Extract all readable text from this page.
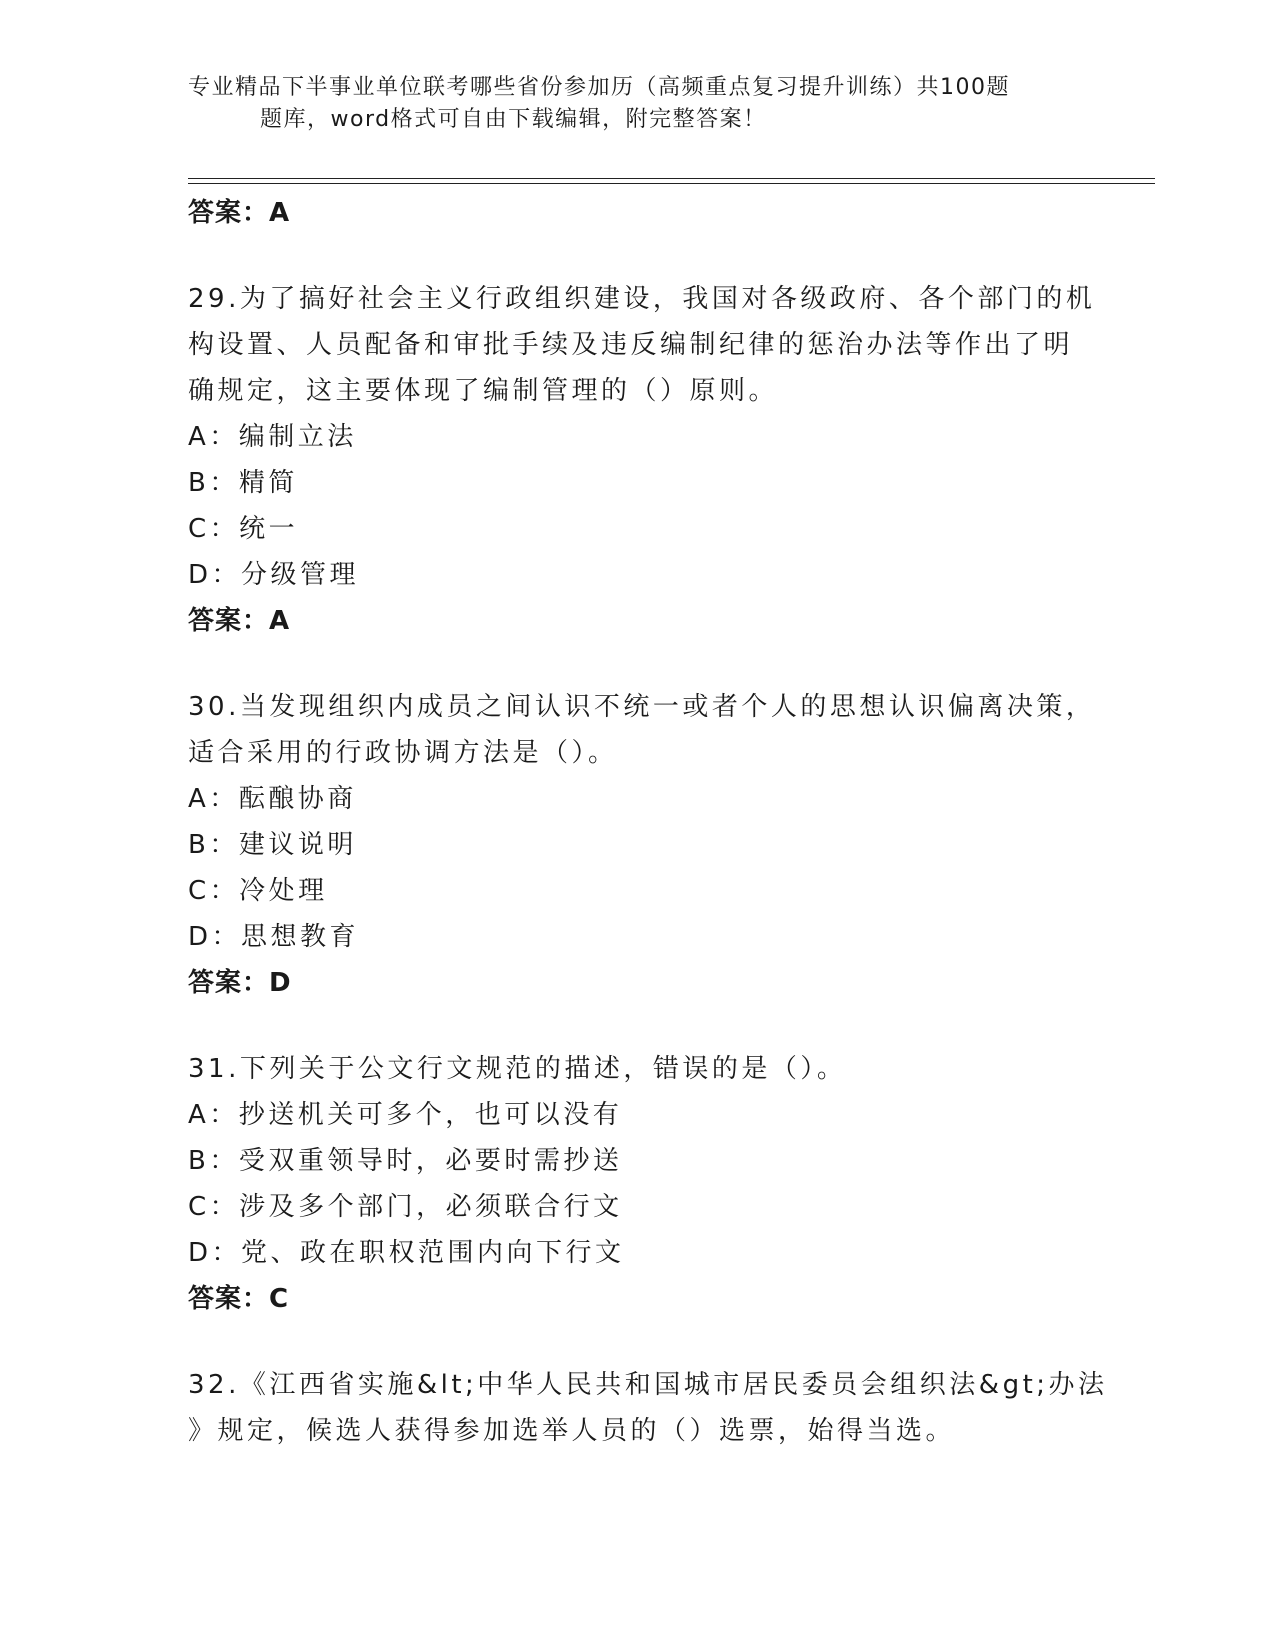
专业精品下半事业单位联考哪些省份参加历（高频重点复习提升训练）共100题
题库，word格式可自由下载编辑，附完整答案！
答案：A
29.为了搞好社会主义行政组织建设，我国对各级政府、各个部门的机
构设置、人员配备和审批手续及违反编制纪律的惩治办法等作出了明
确规定，这主要体现了编制管理的（）原则。
A：编制立法
B：精简
C：统一
D：分级管理
答案：A
30.当发现组织内成员之间认识不统一或者个人的思想认识偏离决策，
适合采用的行政协调方法是（）。
A：酝酿协商
B：建议说明
C：冷处理
D：思想教育
答案：D
31.下列关于公文行文规范的描述，错误的是（）。
A：抄送机关可多个，也可以没有
B：受双重领导时，必要时需抄送
C：涉及多个部门，必须联合行文
D：党、政在职权范围内向下行文
答案：C
32.《江西省实施&lt;中华人民共和国城市居民委员会组织法&gt;办法
》规定，候选人获得参加选举人员的（）选票，始得当选。
